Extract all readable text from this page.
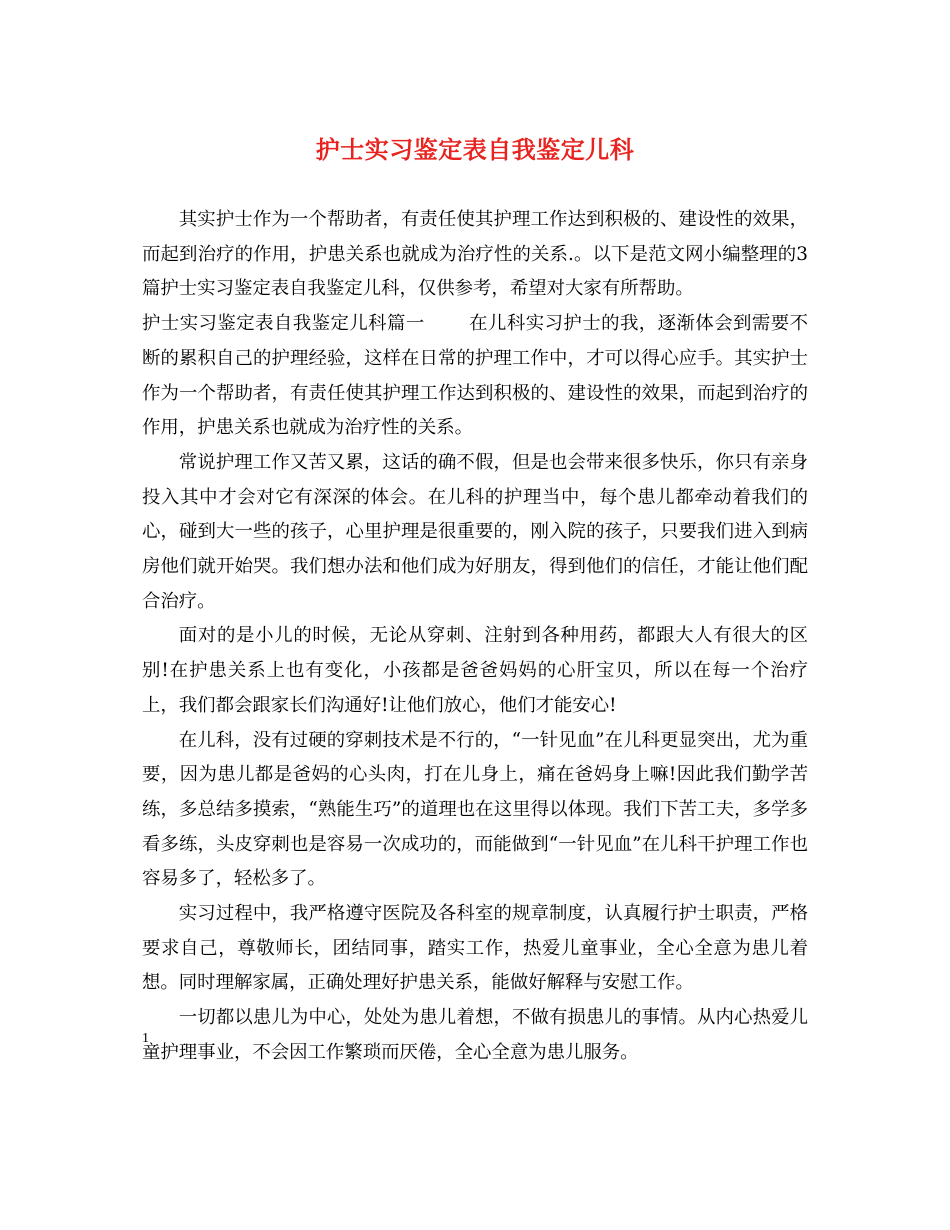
护士实习鉴定表自我鉴定儿科

其实护士作为一个帮助者，有责任使其护理工作达到积极的、建设性的效果，而起到治疗的作用，护患关系也就成为治疗性的关系.。以下是范文网小编整理的3篇护士实习鉴定表自我鉴定儿科，仅供参考，希望对大家有所帮助。

护士实习鉴定表自我鉴定儿科篇一 在儿科实习护士的我，逐渐体会到需要不断的累积自己的护理经验，这样在日常的护理工作中，才可以得心应手。其实护士作为一个帮助者，有责任使其护理工作达到积极的、建设性的效果，而起到治疗的作用，护患关系也就成为治疗性的关系。

常说护理工作又苦又累，这话的确不假，但是也会带来很多快乐，你只有亲身投入其中才会对它有深深的体会。在儿科的护理当中，每个患儿都牵动着我们的心，碰到大一些的孩子，心里护理是很重要的，刚入院的孩子，只要我们进入到病房他们就开始哭。我们想办法和他们成为好朋友，得到他们的信任，才能让他们配合治疗。

面对的是小儿的时候，无论从穿刺、注射到各种用药，都跟大人有很大的区别!在护患关系上也有变化，小孩都是爸爸妈妈的心肝宝贝，所以在每一个治疗上，我们都会跟家长们沟通好!让他们放心，他们才能安心!

在儿科，没有过硬的穿刺技术是不行的，“一针见血”在儿科更显突出，尤为重要，因为患儿都是爸妈的心头肉，打在儿身上，痛在爸妈身上嘛!因此我们勤学苦练，多总结多摸索，“熟能生巧”的道理也在这里得以体现。我们下苦工夫，多学多看多练，头皮穿刺也是容易一次成功的，而能做到“一针见血”在儿科干护理工作也容易多了，轻松多了。

实习过程中，我严格遵守医院及各科室的规章制度，认真履行护士职责，严格要求自己，尊敬师长，团结同事，踏实工作，热爱儿童事业，全心全意为患儿着想。同时理解家属，正确处理好护患关系，能做好解释与安慰工作。

一切都以患儿为中心，处处为患儿着想，不做有损患儿的事情。从内心热爱儿童护理事业，不会因工作繁琐而厌倦，全心全意为患儿服务。

1
